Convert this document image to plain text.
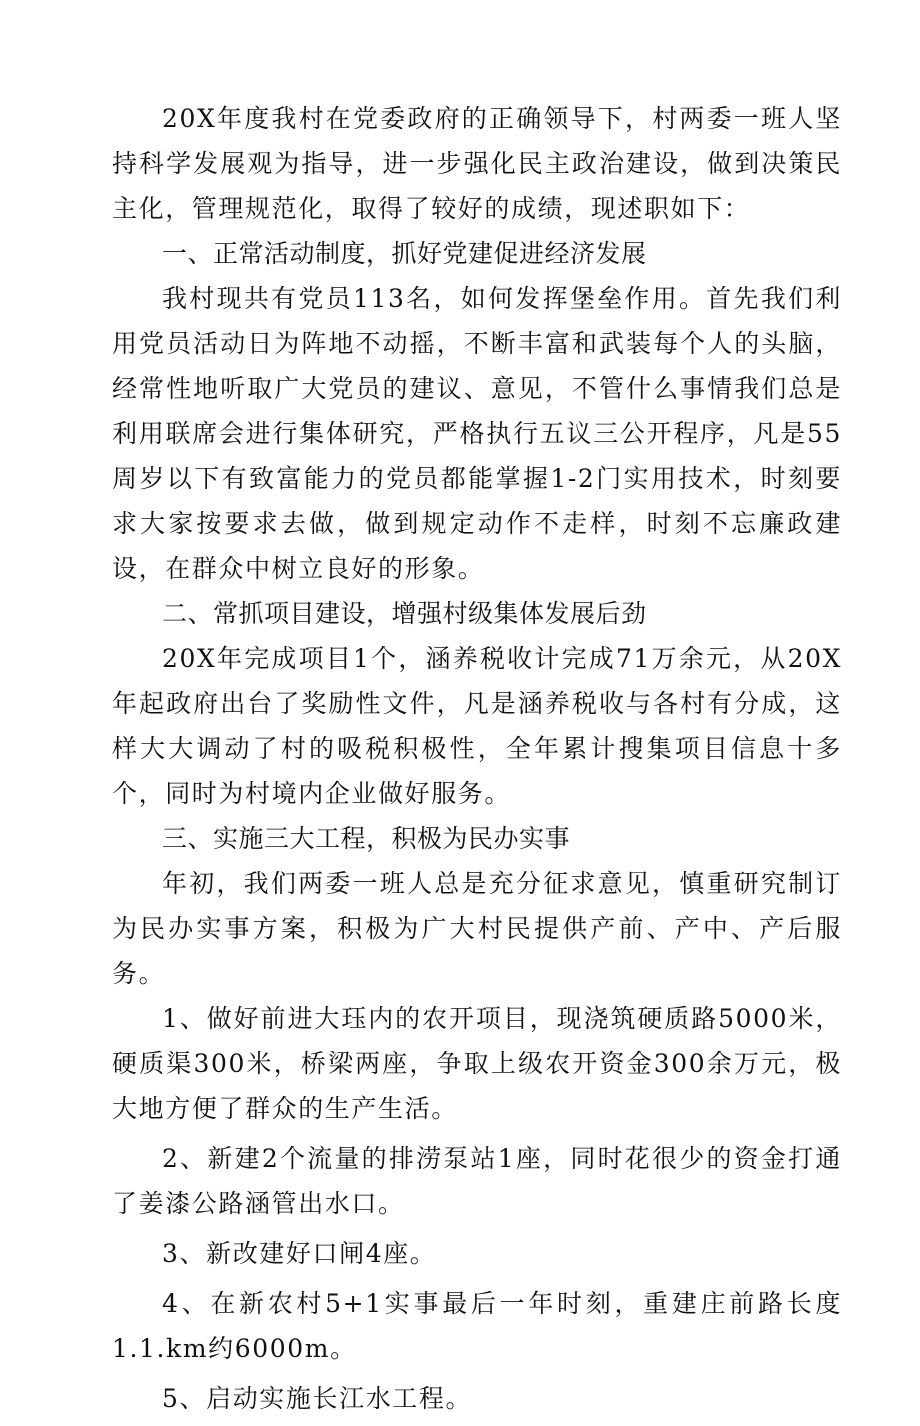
20X年度我村在党委政府的正确领导下，村两委一班人坚持科学发展观为指导，进一步强化民主政治建设，做到决策民主化，管理规范化，取得了较好的成绩，现述职如下：

一、正常活动制度，抓好党建促进经济发展

我村现共有党员113名，如何发挥堡垒作用。首先我们利用党员活动日为阵地不动摇，不断丰富和武装每个人的头脑，经常性地听取广大党员的建议、意见，不管什么事情我们总是利用联席会进行集体研究，严格执行五议三公开程序，凡是55周岁以下有致富能力的党员都能掌握1-2门实用技术，时刻要求大家按要求去做，做到规定动作不走样，时刻不忘廉政建设，在群众中树立良好的形象。

二、常抓项目建设，增强村级集体发展后劲

20X年完成项目1个，涵养税收计完成71万余元，从20X年起政府出台了奖励性文件，凡是涵养税收与各村有分成，这样大大调动了村的吸税积极性，全年累计搜集项目信息十多个，同时为村境内企业做好服务。

三、实施三大工程，积极为民办实事

年初，我们两委一班人总是充分征求意见，慎重研究制订为民办实事方案，积极为广大村民提供产前、产中、产后服务。

1、做好前进大珏内的农开项目，现浇筑硬质路5000米，硬质渠300米，桥梁两座，争取上级农开资金300余万元，极大地方便了群众的生产生活。

2、新建2个流量的排涝泵站1座，同时花很少的资金打通了姜漆公路涵管出水口。

3、新改建好口闸4座。

4、在新农村5+1实事最后一年时刻，重建庄前路长度1.1.km约6000m。

5、启动实施长江水工程。
